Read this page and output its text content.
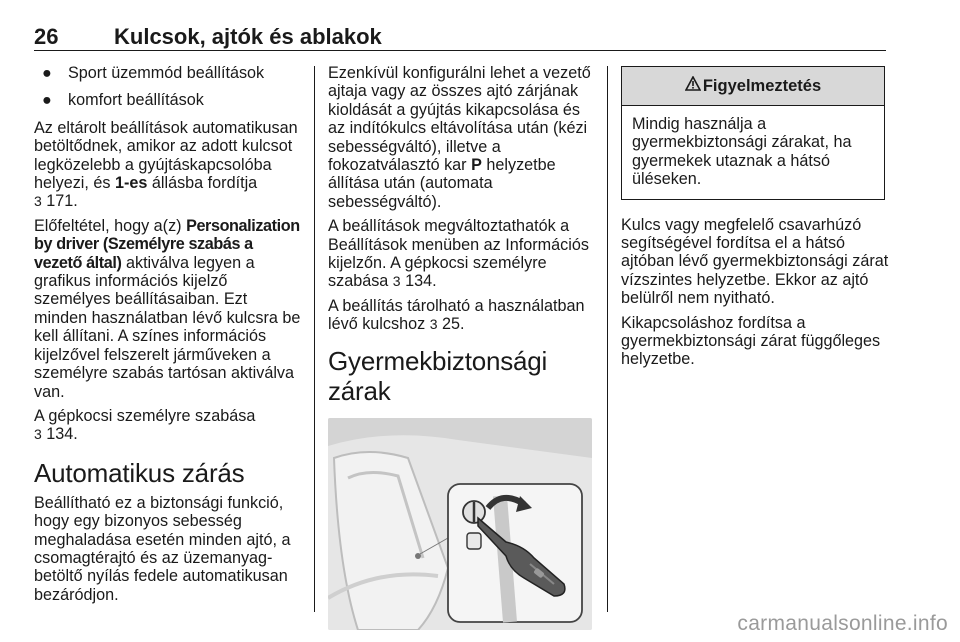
26	Kulcsok, ajtók és ablakok
● Sport üzemmód beállítások
● komfort beállítások

Az eltárolt beállítások automatikusan betöltődnek, amikor az adott kulcsot legközelebb a gyújtáskapcsolóba helyezi, és 1-es állásba fordítja
3 171.

Előfeltétel, hogy a(z) Personalization by driver (Személyre szabás a vezető által) aktiválva legyen a grafikus információs kijelző személyes beállításaiban. Ezt minden használatban lévő kulcsra be kell állítani. A színes információs kijelzővel felszerelt járműveken a személyre szabás tartósan aktiválva van.

A gépkocsi személyre szabása
3 134.

Automatikus zárás

Beállítható ez a biztonsági funkció, hogy egy bizonyos sebesség meghaladása esetén minden ajtó, a csomagtérajtó és az üzemanyag-betöltő nyílás fedele automatikusan bezáródjon.

Ezenkívül konfigurálni lehet a vezető ajtaja vagy az összes ajtó zárjának kioldását a gyújtás kikapcsolása és az indítókulcs eltávolítása után (kézi sebességváltó), illetve a fokozatválasztó kar P helyzetbe állítása után (automata sebességváltó).

A beállítások megváltoztathatók a Beállítások menüben az Információs kijelzőn. A gépkocsi személyre szabása 3 134.

A beállítás tárolható a használatban lévő kulcshoz 3 25.

Gyermekbiztonsági zárak
Figyelmeztetés
Mindig használja a gyermekbiztonsági zárakat, ha gyermekek utaznak a hátsó üléseken.

Kulcs vagy megfelelő csavarhúzó segítségével fordítsa el a hátsó ajtóban lévő gyermekbiztonsági zárat vízszintes helyzetbe. Ekkor az ajtó belülről nem nyitható.

Kikapcsoláshoz fordítsa a gyermekbiztonsági zárat függőleges helyzetbe.

carmanualsonline.info
